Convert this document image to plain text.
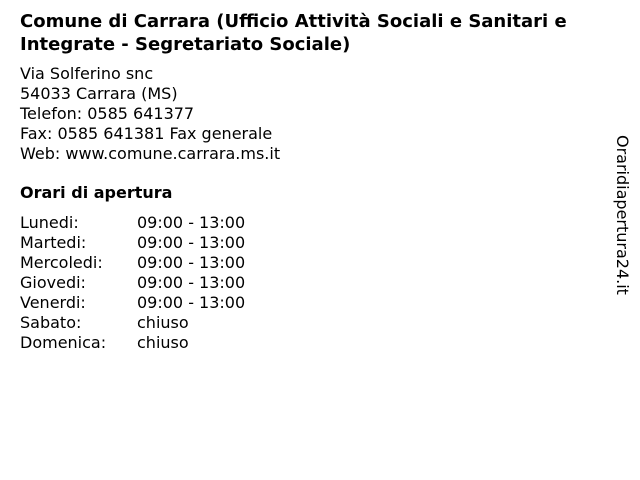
Comune di Carrara (Ufficio Attività Sociali e Sanitari e Integrate - Segretariato Sociale)
Via Solferino snc
54033 Carrara (MS)
Telefon: 0585 641377
Fax: 0585 641381 Fax generale
Web: www.comune.carrara.ms.it
Orari di apertura
Lunedi:	09:00 - 13:00
Martedi:	09:00 - 13:00
Mercoledi:	09:00 - 13:00
Giovedi:	09:00 - 13:00
Venerdi:	09:00 - 13:00
Sabato:	chiuso
Domenica:	chiuso
Oraridiapertura24.it
